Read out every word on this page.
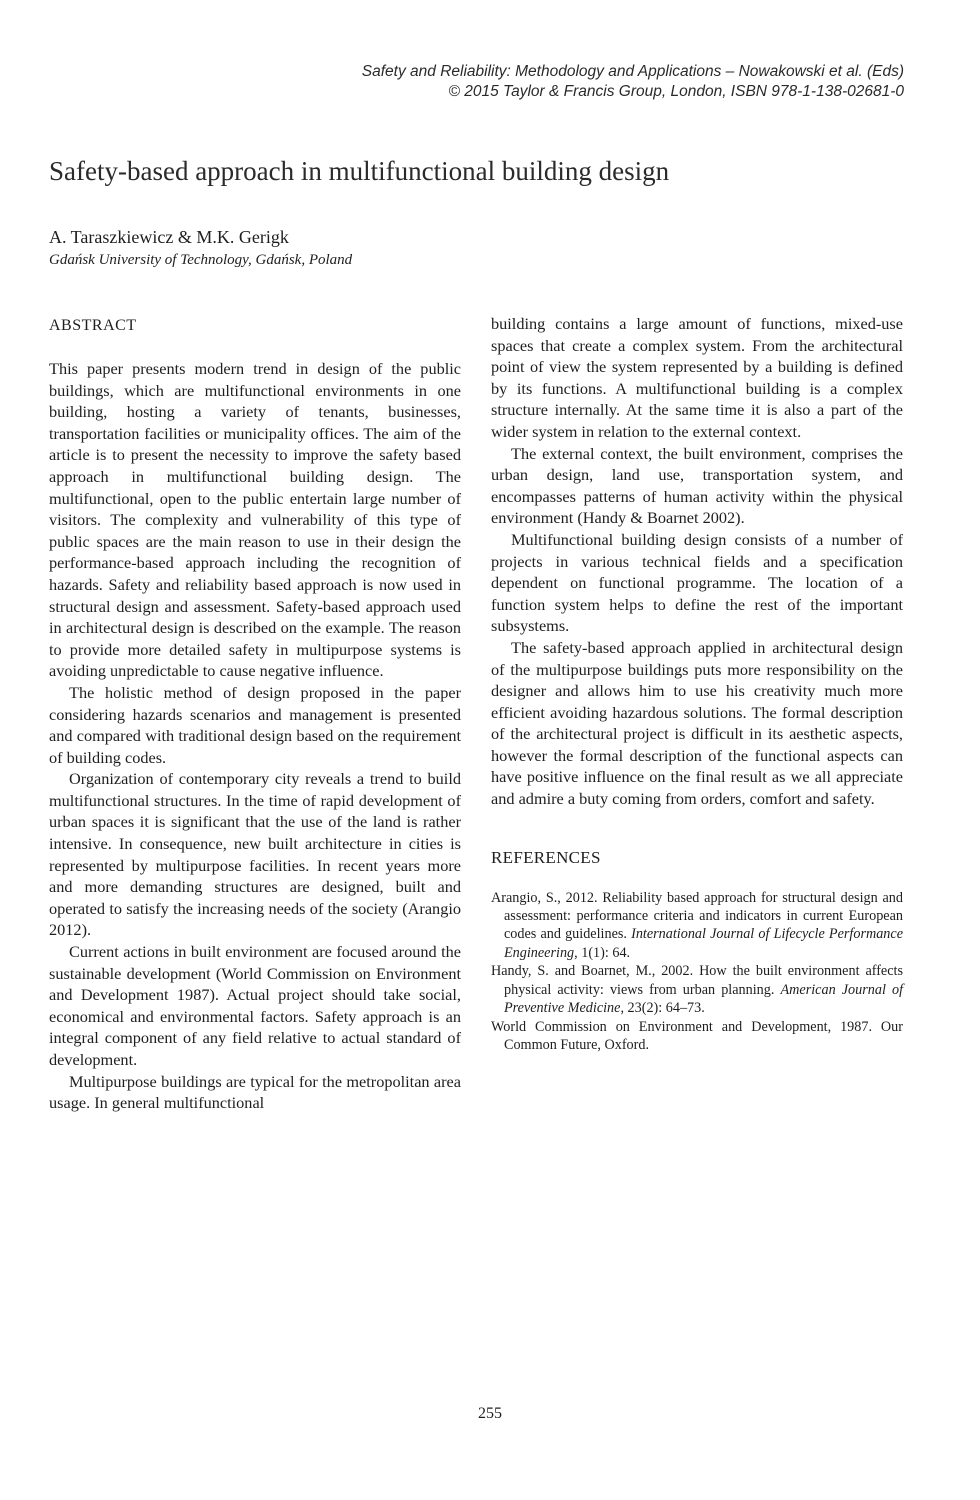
Safety and Reliability: Methodology and Applications – Nowakowski et al. (Eds)
© 2015 Taylor & Francis Group, London, ISBN 978-1-138-02681-0
Safety-based approach in multifunctional building design
A. Taraszkiewicz & M.K. Gerigk
Gdańsk University of Technology, Gdańsk, Poland
ABSTRACT

This paper presents modern trend in design of the public buildings, which are multifunctional environments in one building, hosting a variety of tenants, businesses, transportation facilities or municipality offices. The aim of the article is to present the necessity to improve the safety based approach in multifunctional building design. The multifunctional, open to the public entertain large number of visitors. The complexity and vulnerability of this type of public spaces are the main reason to use in their design the performance-based approach including the recognition of hazards. Safety and reliability based approach is now used in structural design and assessment. Safety-based approach used in architectural design is described on the example. The reason to provide more detailed safety in multipurpose systems is avoiding unpredictable to cause negative influence.

The holistic method of design proposed in the paper considering hazards scenarios and management is presented and compared with traditional design based on the requirement of building codes.

Organization of contemporary city reveals a trend to build multifunctional structures. In the time of rapid development of urban spaces it is significant that the use of the land is rather intensive. In consequence, new built architecture in cities is represented by multipurpose facilities. In recent years more and more demanding structures are designed, built and operated to satisfy the increasing needs of the society (Arangio 2012).

Current actions in built environment are focused around the sustainable development (World Commission on Environment and Development 1987). Actual project should take social, economical and environmental factors. Safety approach is an integral component of any field relative to actual standard of development.

Multipurpose buildings are typical for the metropolitan area usage. In general multifunctional

building contains a large amount of functions, mixed-use spaces that create a complex system. From the architectural point of view the system represented by a building is defined by its functions. A multifunctional building is a complex structure internally. At the same time it is also a part of the wider system in relation to the external context.

The external context, the built environment, comprises the urban design, land use, transportation system, and encompasses patterns of human activity within the physical environment (Handy & Boarnet 2002).

Multifunctional building design consists of a number of projects in various technical fields and a specification dependent on functional programme. The location of a function system helps to define the rest of the important subsystems.

The safety-based approach applied in architectural design of the multipurpose buildings puts more responsibility on the designer and allows him to use his creativity much more efficient avoiding hazardous solutions. The formal description of the architectural project is difficult in its aesthetic aspects, however the formal description of the functional aspects can have positive influence on the final result as we all appreciate and admire a buty coming from orders, comfort and safety.

REFERENCES

Arangio, S., 2012. Reliability based approach for structural design and assessment: performance criteria and indicators in current European codes and guidelines. International Journal of Lifecycle Performance Engineering, 1(1): 64.

Handy, S. and Boarnet, M., 2002. How the built environment affects physical activity: views from urban planning. American Journal of Preventive Medicine, 23(2): 64–73.

World Commission on Environment and Development, 1987. Our Common Future, Oxford.

255
